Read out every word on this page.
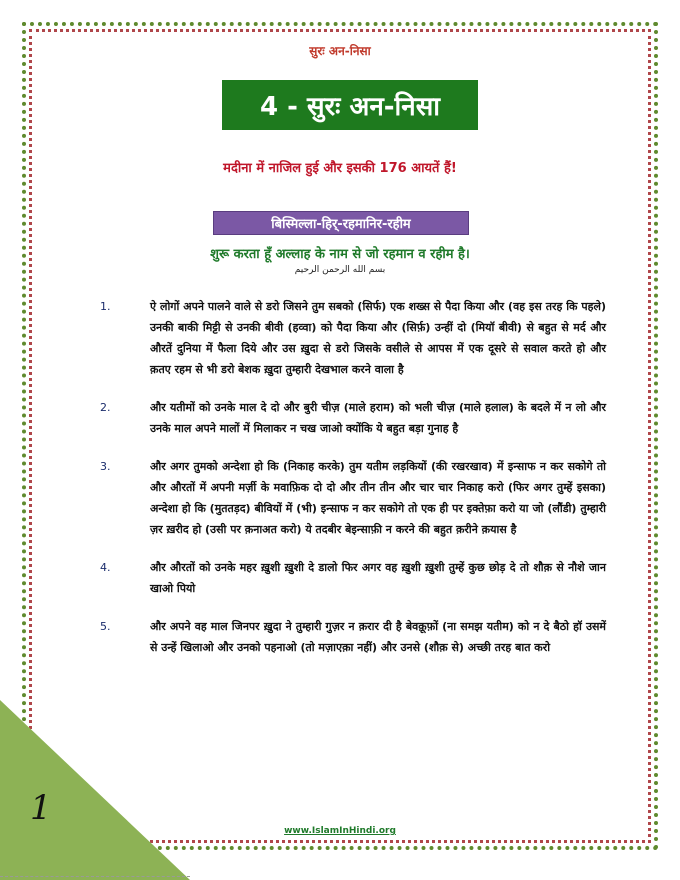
सुरः अन-निसा
4 - सुरः अन-निसा
मदीना में नाजिल हुई और इसकी 176 आयतें हैं!
बिस्मिल्ला-हिर्-रहमानिर-रहीम
शुरू करता हूँ अल्लाह के नाम से जो रहमान व रहीम है।
بسم الله الرحمن الرحيم
1.	ऐ लोगों अपने पालने वाले से डरो जिसने तुम सबको (सिर्फ) एक शख्स से पैदा किया और (वह इस तरह कि पहले) उनकी बाकी मिट्टी से उनकी बीवी (हव्वा) को पैदा किया और (सिर्फ़) उन्हीं दो (मियॉ बीवी) से बहुत से मर्द और औरतें दुनिया में फैला दिये और उस ख़ुदा से डरो जिसके वसीले से आपस में एक दूसरे से सवाल करते हो और क़तए रहम से भी डरो बेशक ख़ुदा तुम्हारी देखभाल करने वाला है
2.	और यतीमों को उनके माल दे दो और बुरी चीज़ (माले हराम) को भली चीज़ (माले हलाल) के बदले में न लो और उनके माल अपने मालों में मिलाकर न चख जाओ क्योंकि ये बहुत बड़ा गुनाह है
3.	और अगर तुमको अन्देशा हो कि (निकाह करके) तुम यतीम लड़कियों (की रखरखाव) में इन्साफ न कर सकोगे तो और औरतों में अपनी मर्ज़ी के मवाफ़िक दो दो और तीन तीन और चार चार निकाह करो (फिर अगर तुम्हें इसका) अन्देशा हो कि (मुततड़द) बीवियों में (भी) इन्साफ न कर सकोगे तो एक ही पर इक्तेफ़ा करो या जो (लौंडी) तुम्हारी ज़र ख़रीद हो (उसी पर क़नाअत करो) ये तदबीर बेइन्साफ़ी न करने की बहुत क़रीने क़यास है
4.	और औरतों को उनके महर ख़ुशी ख़ुशी दे डालो फिर अगर वह ख़ुशी ख़ुशी तुम्हें कुछ छोड़ दे तो शौक़ से नौशे जान खाओ पियो
5.	और अपने वह माल जिनपर ख़ुदा ने तुम्हारी गुज़र न क़रार दी है बेवक़ूफ़ों (ना समझ यतीम) को न दे बैठो हॉ उसमें से उन्हें खिलाओ और उनको पहनाओ (तो मज़ाएक़ा नहीं) और उनसे (शौक़ से) अच्छी तरह बात करो
1
www.IslamInHindi.org
